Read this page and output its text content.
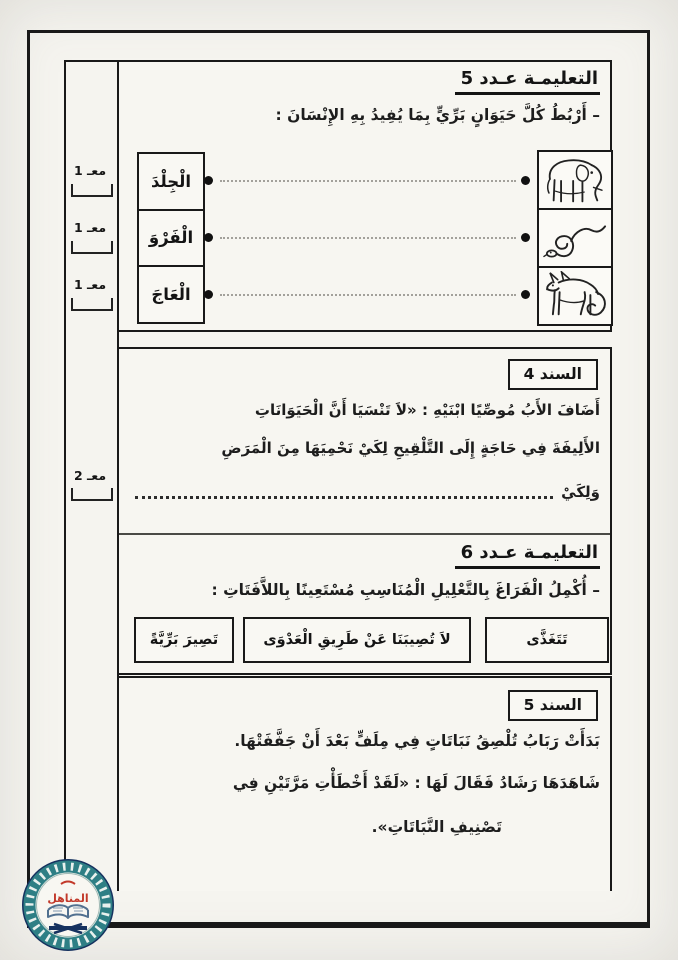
معـ 1
معـ 1
معـ 1
معـ 2
التعليمـة عـدد 5
– أَرْبُطُ كُلَّ حَيَوَانٍ بَرِّيٍّ بِمَا يُفِيدُ بِهِ الإِنْسَانَ :
الْجِلْدَ
الْفَرْوَ
الْعَاجَ
السند 4
أَضَافَ الأَبُ مُوصِّيًا ابْنَيْهِ : «لاَ تَنْسَيَا أَنَّ الْحَيَوَانَاتِ
الأَلِيفَةَ فِي حَاجَةٍ إِلَى التَّلْقِيحِ لِكَيْ نَحْمِيَهَا مِنَ الْمَرَضِ
وَلِكَيْ
التعليمـة عـدد 6
– أُكْمِلُ الْفَرَاغَ بِالتَّعْلِيلِ الْمُنَاسِبِ مُسْتَعِينًا بِاللاَّفَتَاتِ :
تَتَغَذَّى
لاَ تُصِيبَنَا عَنْ طَرِيقِ الْعَدْوَى
تَصِيرَ بَرِّيَّةً
السند 5
بَدَأَتْ رَبَابُ تُلْصِقُ نَبَاتَاتٍ فِي مِلَفٍّ بَعْدَ أَنْ جَفَّفَتْهَا.
شَاهَدَهَا رَشَادُ فَقَالَ لَهَا : «لَقَدْ أَخْطَأْتِ مَرَّتَيْنِ فِي
تَصْنِيفِ النَّبَاتَاتِ».
المناهل
